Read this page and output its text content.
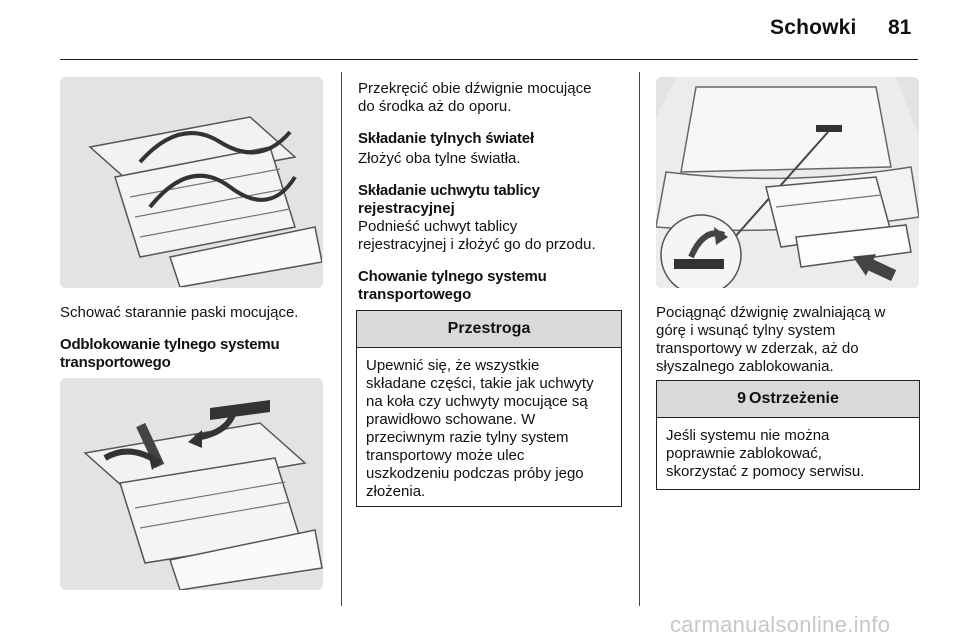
Schowki 81

Schować starannie paski mocujące.

Odblokowanie tylnego systemu transportowego

Przekręcić obie dźwignie mocujące

do środka aż do oporu.

Składanie tylnych świateł

Złożyć oba tylne światła.

Składanie uchwytu tablicy

rejestracyjnej

Podnieść uchwyt tablicy

rejestracyjnej i złożyć go do przodu.

Chowanie tylnego systemu

transportowego

Przestroga
Upewnić się, że wszystkie
składane części, takie jak uchwyty
na koła czy uchwyty mocujące są
prawidłowo schowane. W
przeciwnym razie tylny system
transportowy może ulec
uszkodzeniu podczas próby jego
złożenia.

Pociągnąć dźwignię zwalniającą w

górę i wsunąć tylny system

transportowy w zderzak, aż do

słyszalnego zablokowania.

9 Ostrzeżenie
Jeśli systemu nie można
poprawnie zablokować,
skorzystać z pomocy serwisu.
carmanualsonline.info
